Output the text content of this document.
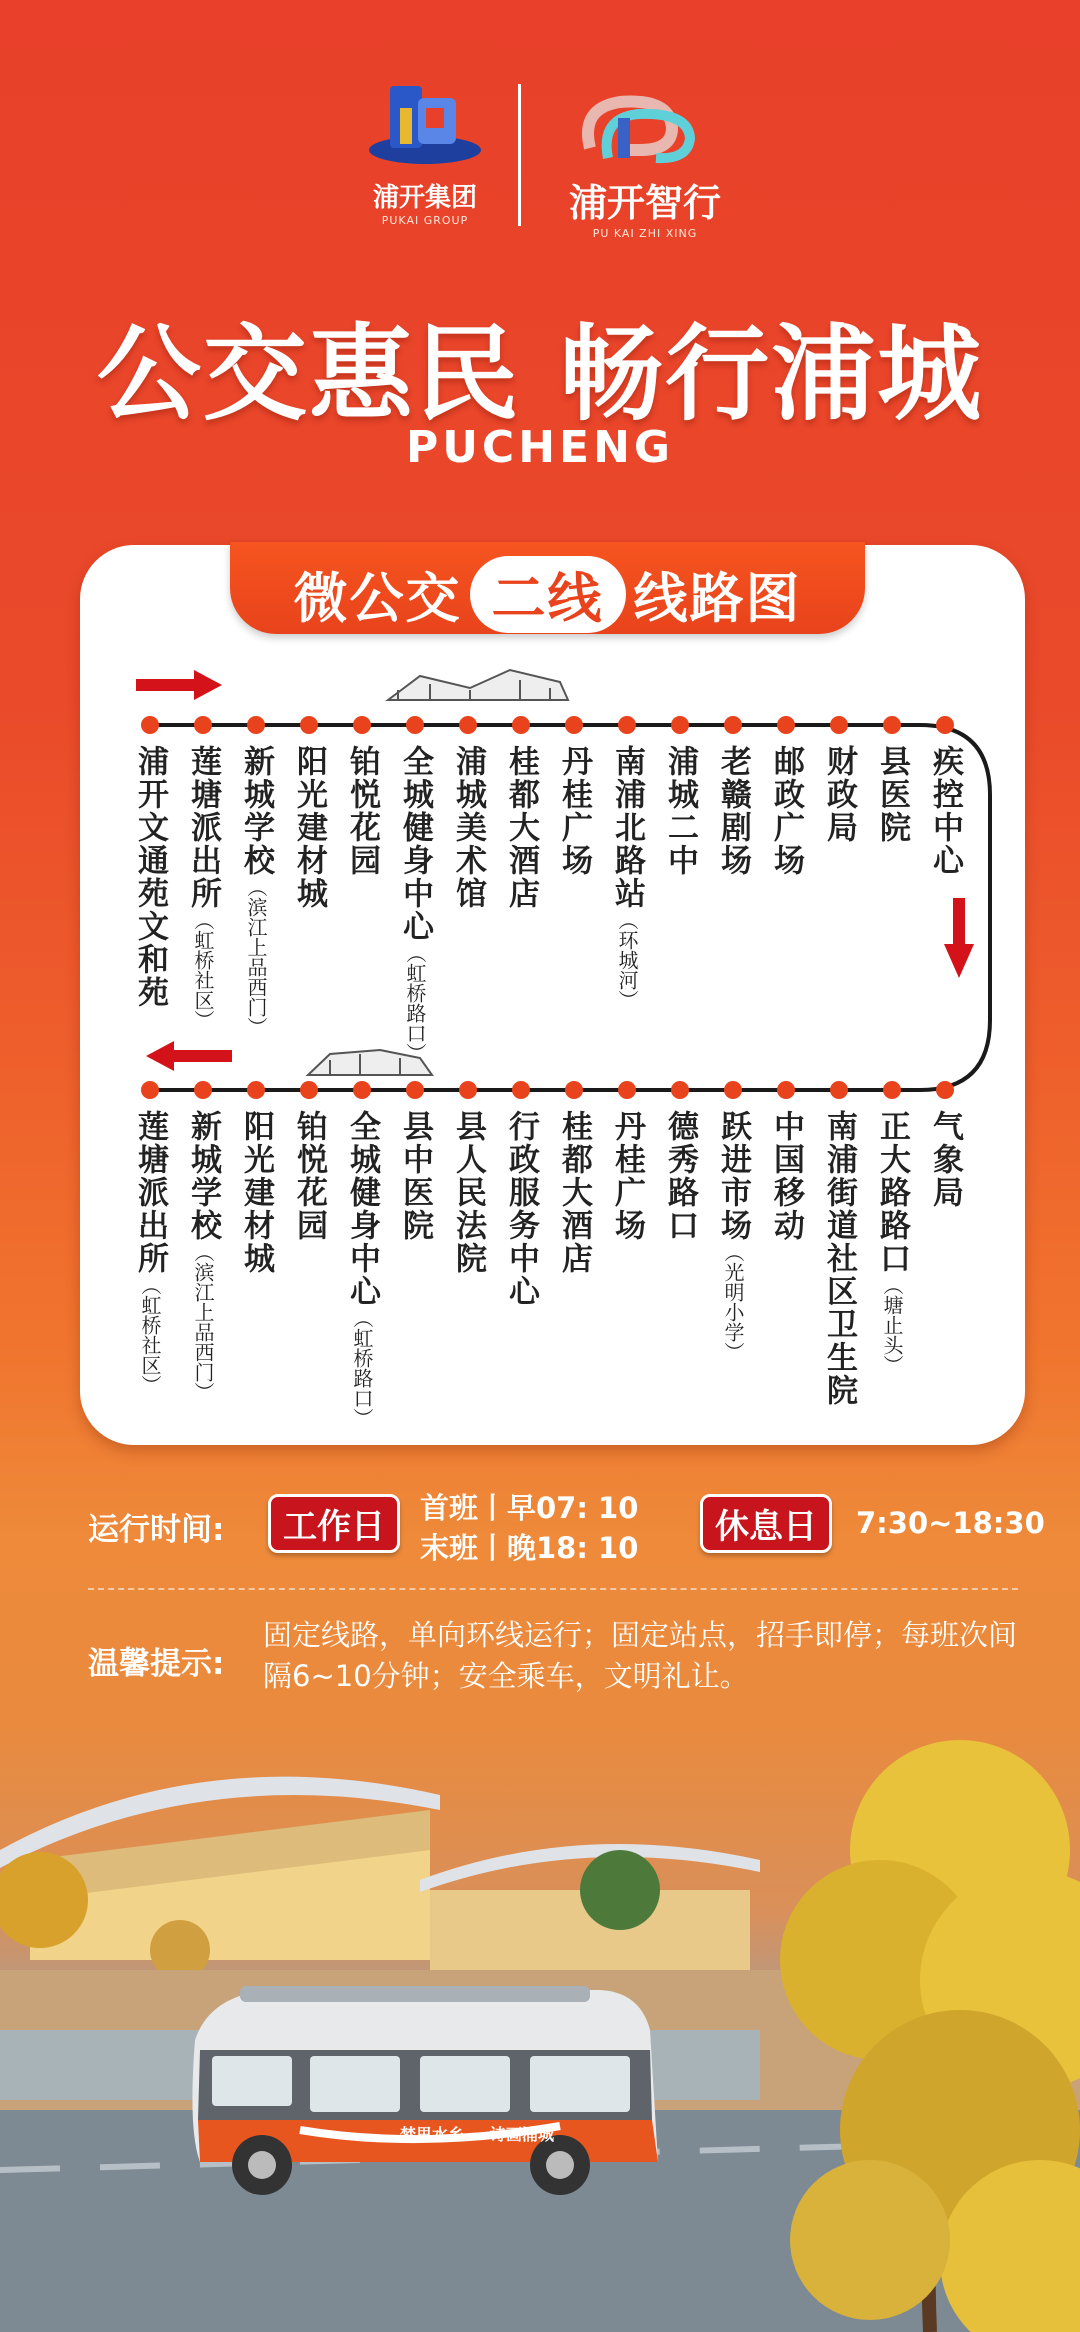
浦开集团
PUKAI GROUP	浦开智行
PU KAI ZHI XING
公交惠民 畅行浦城
PUCHENG
微公交 二线 线路图
浦开文通苑文和苑 莲塘派出所（虹桥社区）
新城学校（滨江上品西门）
阳光建材城 铂悦花园 全城健身中心（虹桥路口）
浦城美术馆 桂都大酒店 丹桂广场 南浦北路站（环城河）
浦城二中 老赣剧场 邮政广场 财政局 县医院 疾控中心
莲塘派出所（虹桥社区）
新城学校（滨江上品西门）
阳光建材城 铂悦花园 全城健身中心（虹桥路口）
县中医院 县人民法院 行政服务中心 桂都大酒店 丹桂广场 德秀路口 跃进市场（光明小学）
中国移动 南浦街道社区卫生院 正大路路口（塘止头）
气象局
运行时间:	工作日	首班丨早07: 10
末班丨晚18: 10
休息日	7:30~18:30
温馨提示:
固定线路，单向环线运行；固定站点，招手即停；每班次间隔6~10分钟；安全乘车，文明礼让。
梦里水乡 诗画浦城
